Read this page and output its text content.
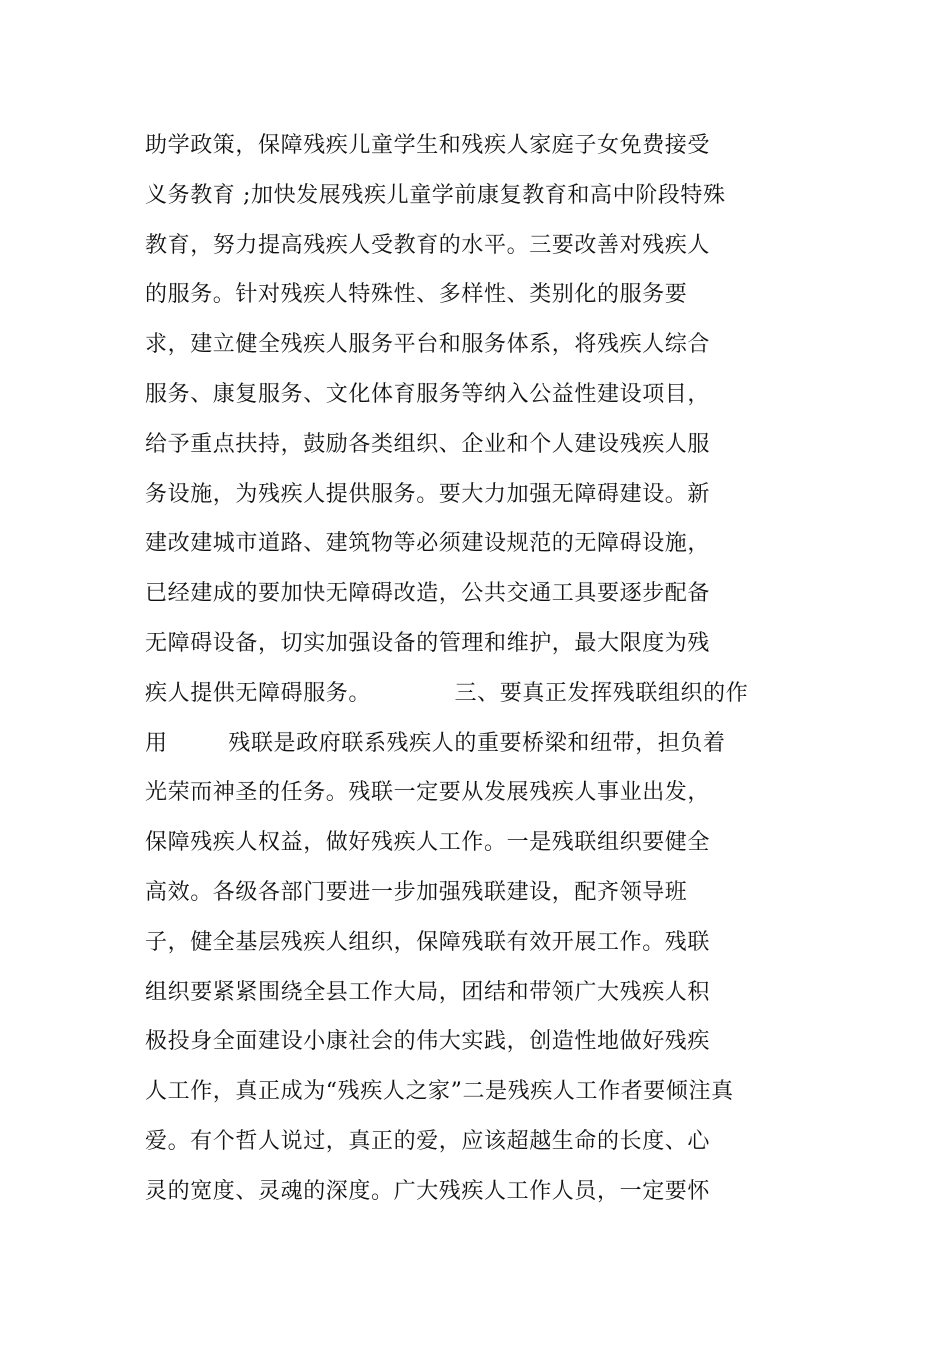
助学政策，保障残疾儿童学生和残疾人家庭子女免费接受
义务教育 ;加快发展残疾儿童学前康复教育和高中阶段特殊
教育，努力提高残疾人受教育的水平。三要改善对残疾人
的服务。针对残疾人特殊性、多样性、类别化的服务要
求，建立健全残疾人服务平台和服务体系，将残疾人综合
服务、康复服务、文化体育服务等纳入公益性建设项目，
给予重点扶持，鼓励各类组织、企业和个人建设残疾人服
务设施，为残疾人提供服务。要大力加强无障碍建设。新
建改建城市道路、建筑物等必须建设规范的无障碍设施，
已经建成的要加快无障碍改造，公共交通工具要逐步配备
无障碍设备，切实加强设备的管理和维护，最大限度为残
疾人提供无障碍服务。           三、要真正发挥残联组织的作
用        残联是政府联系残疾人的重要桥梁和纽带，担负着
光荣而神圣的任务。残联一定要从发展残疾人事业出发，
保障残疾人权益，做好残疾人工作。一是残联组织要健全
高效。各级各部门要进一步加强残联建设，配齐领导班
子，健全基层残疾人组织，保障残联有效开展工作。残联
组织要紧紧围绕全县工作大局，团结和带领广大残疾人积
极投身全面建设小康社会的伟大实践，创造性地做好残疾
人工作，真正成为“残疾人之家”二是残疾人工作者要倾注真
爱。有个哲人说过，真正的爱，应该超越生命的长度、心
灵的宽度、灵魂的深度。广大残疾人工作人员，一定要怀
